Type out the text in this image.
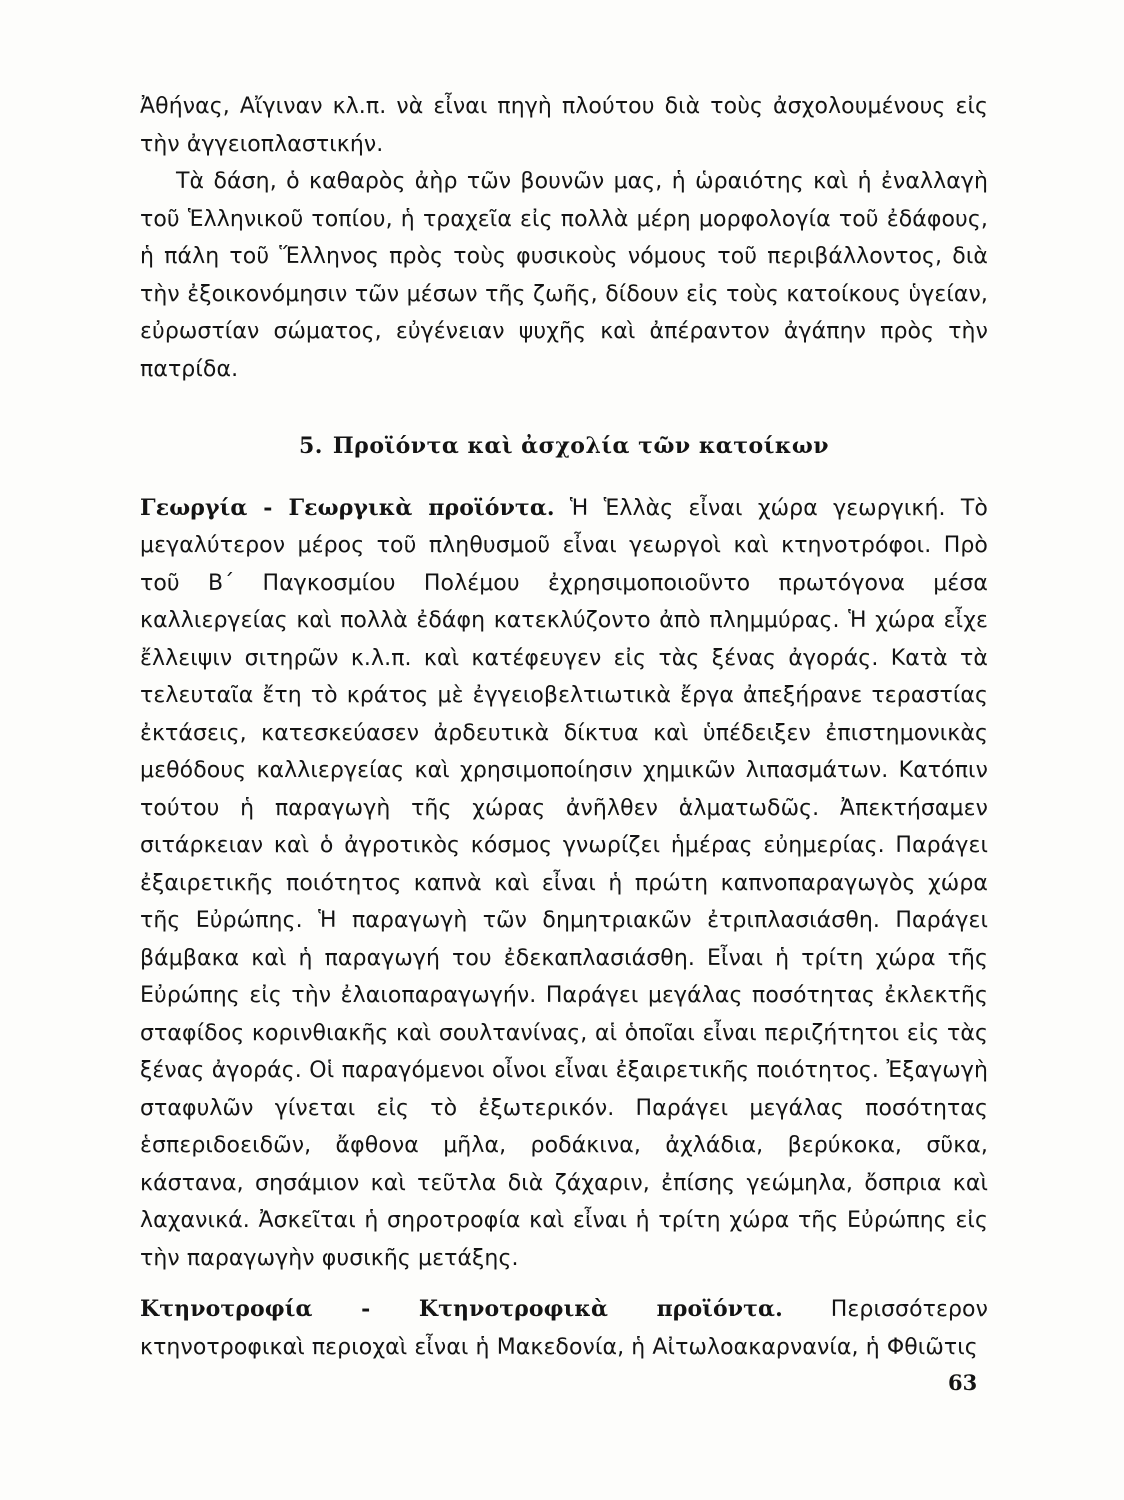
Ἀθήνας, Αἴγιναν κλ.π. νὰ εἶναι πηγὴ πλούτου διὰ τοὺς ἀσχολουμένους εἰς τὴν ἀγγειοπλαστικήν.

Τὰ δάση, ὁ καθαρὸς ἀὴρ τῶν βουνῶν μας, ἡ ὡραιότης καὶ ἡ ἐναλλαγὴ τοῦ Ἑλληνικοῦ τοπίου, ἡ τραχεῖα εἰς πολλὰ μέρη μορφολογία τοῦ ἐδάφους, ἡ πάλη τοῦ Ἕλληνος πρὸς τοὺς φυσικοὺς νόμους τοῦ περιβάλλοντος, διὰ τὴν ἐξοικονόμησιν τῶν μέσων τῆς ζωῆς, δίδουν εἰς τοὺς κατοίκους ὑγείαν, εὐρωστίαν σώματος, εὐγένειαν ψυχῆς καὶ ἀπέραντον ἀγάπην πρὸς τὴν πατρίδα.

5. Προϊόντα καὶ ἀσχολία τῶν κατοίκων

Γεωργία - Γεωργικὰ προϊόντα. Ἡ Ἑλλὰς εἶναι χώρα γεωργική. Τὸ μεγαλύτερον μέρος τοῦ πληθυσμοῦ εἶναι γεωργοὶ καὶ κτηνοτρόφοι. Πρὸ τοῦ Β΄ Παγκοσμίου Πολέμου ἐχρησιμοποιοῦντο πρωτόγονα μέσα καλλιεργείας καὶ πολλὰ ἐδάφη κατεκλύζοντο ἀπὸ πλημμύρας. Ἡ χώρα εἶχε ἔλλειψιν σιτηρῶν κ.λ.π. καὶ κατέφευγεν εἰς τὰς ξένας ἀγοράς. Κατὰ τὰ τελευταῖα ἔτη τὸ κράτος μὲ ἐγγειοβελτιωτικὰ ἔργα ἀπεξήρανε τεραστίας ἐκτάσεις, κατεσκεύασεν ἀρδευτικὰ δίκτυα καὶ ὑπέδειξεν ἐπιστημονικὰς μεθόδους καλλιεργείας καὶ χρησιμοποίησιν χημικῶν λιπασμάτων. Κατόπιν τούτου ἡ παραγωγὴ τῆς χώρας ἀνῆλθεν ἁλματωδῶς. Ἀπεκτήσαμεν σιτάρκειαν καὶ ὁ ἀγροτικὸς κόσμος γνωρίζει ἡμέρας εὐημερίας. Παράγει ἐξαιρετικῆς ποιότητος καπνὰ καὶ εἶναι ἡ πρώτη καπνοπαραγωγὸς χώρα τῆς Εὐρώπης. Ἡ παραγωγὴ τῶν δημητριακῶν ἐτριπλασιάσθη. Παράγει βάμβακα καὶ ἡ παραγωγή του ἐδεκαπλασιάσθη. Εἶναι ἡ τρίτη χώρα τῆς Εὐρώπης εἰς τὴν ἐλαιοπαραγωγήν. Παράγει μεγάλας ποσότητας ἐκλεκτῆς σταφίδος κορινθιακῆς καὶ σουλτανίνας, αἱ ὁποῖαι εἶναι περιζήτητοι εἰς τὰς ξένας ἀγοράς. Οἱ παραγόμενοι οἶνοι εἶναι ἐξαιρετικῆς ποιότητος. Ἐξαγωγὴ σταφυλῶν γίνεται εἰς τὸ ἐξωτερικόν. Παράγει μεγάλας ποσότητας ἑσπεριδοειδῶν, ἄφθονα μῆλα, ροδάκινα, ἀχλάδια, βερύκοκα, σῦκα, κάστανα, σησάμιον καὶ τεῦτλα διὰ ζάχαριν, ἐπίσης γεώμηλα, ὄσπρια καὶ λαχανικά. Ἀσκεῖται ἡ σηροτροφία καὶ εἶναι ἡ τρίτη χώρα τῆς Εὐρώπης εἰς τὴν παραγωγὴν φυσικῆς μετάξης.

Κτηνοτροφία - Κτηνοτροφικὰ προϊόντα. Περισσότερον κτηνοτροφικαὶ περιοχαὶ εἶναι ἡ Μακεδονία, ἡ Αἰτωλοακαρνανία, ἡ Φθιῶτις

63
